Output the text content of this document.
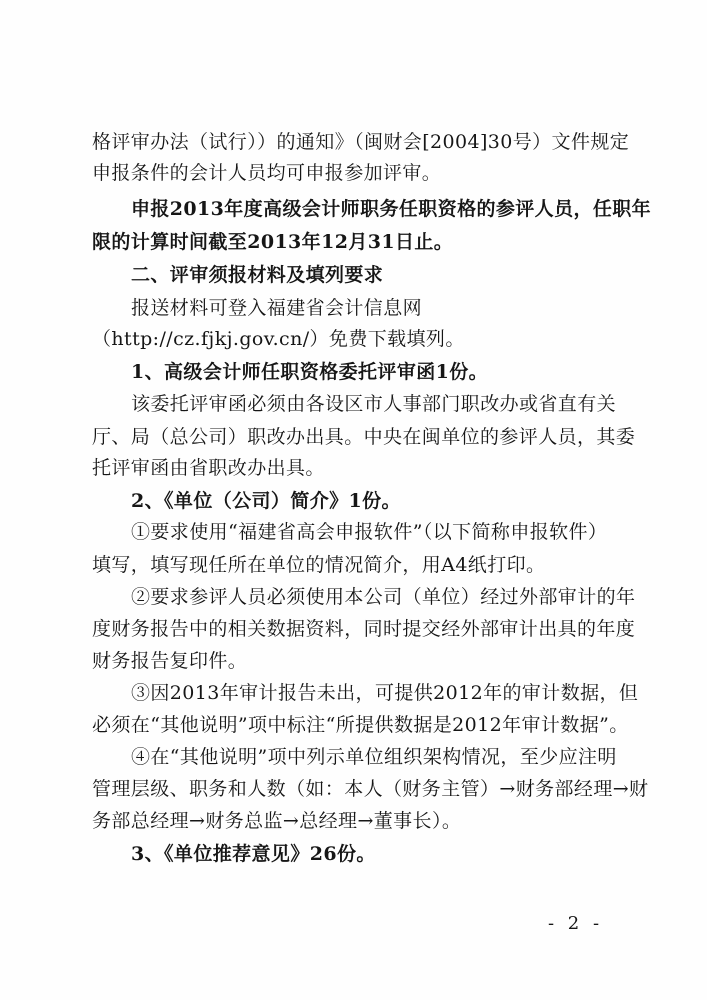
格评审办法（试行））的通知》（闽财会[2004]30号）文件规定
申报条件的会计人员均可申报参加评审。
申报2013年度高级会计师职务任职资格的参评人员，任职年
限的计算时间截至2013年12月31日止。
二、评审须报材料及填列要求
报送材料可登入福建省会计信息网
（http://cz.fjkj.gov.cn/）免费下载填列。
1、高级会计师任职资格委托评审函1份。
该委托评审函必须由各设区市人事部门职改办或省直有关
厅、局（总公司）职改办出具。中央在闽单位的参评人员，其委
托评审函由省职改办出具。
2、《单位（公司）简介》1份。
①要求使用“福建省高会申报软件”（以下简称申报软件）
填写，填写现任所在单位的情况简介，用A4纸打印。
②要求参评人员必须使用本公司（单位）经过外部审计的年
度财务报告中的相关数据资料，同时提交经外部审计出具的年度
财务报告复印件。
③因2013年审计报告未出，可提供2012年的审计数据，但
必须在“其他说明”项中标注“所提供数据是2012年审计数据”。
④在“其他说明”项中列示单位组织架构情况，至少应注明
管理层级、职务和人数（如：本人（财务主管）→财务部经理→财
务部总经理→财务总监→总经理→董事长）。
3、《单位推荐意见》26份。
- 2 -
